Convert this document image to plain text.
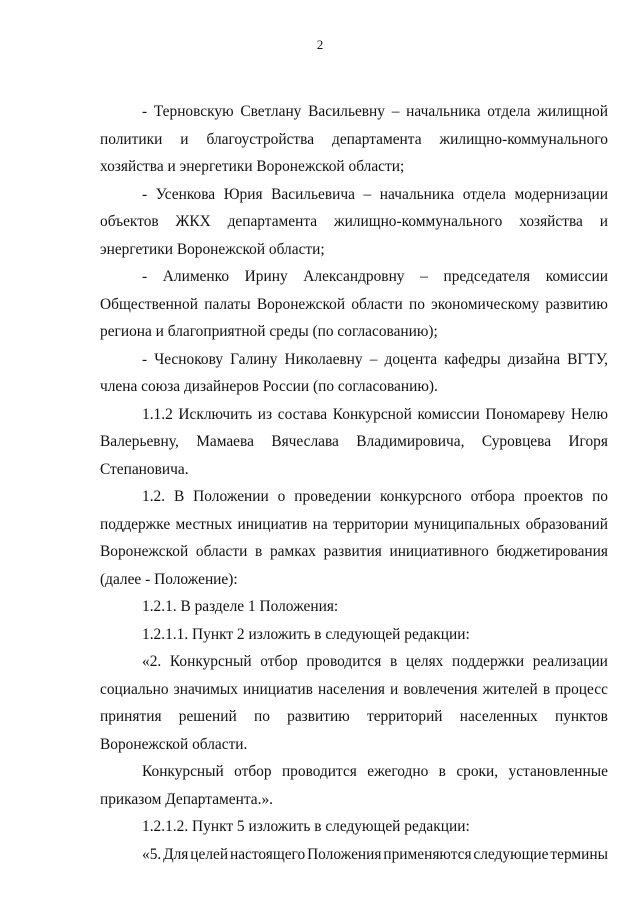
2
- Терновскую Светлану Васильевну – начальника отдела жилищной
политики и благоустройства департамента жилищно-коммунального
хозяйства и энергетики Воронежской области;
- Усенкова Юрия Васильевича – начальника отдела модернизации
объектов ЖКХ департамента жилищно-коммунального хозяйства и
энергетики Воронежской области;
- Алименко Ирину Александровну – председателя комиссии
Общественной палаты Воронежской области по экономическому развитию
региона и благоприятной среды (по согласованию);
- Чеснокову Галину Николаевну – доцента кафедры дизайна ВГТУ,
члена союза дизайнеров России (по согласованию).
1.1.2 Исключить из состава Конкурсной комиссии Пономареву Нелю
Валерьевну, Мамаева Вячеслава Владимировича, Суровцева Игоря
Степановича.
1.2. В Положении о проведении конкурсного отбора проектов по
поддержке местных инициатив на территории муниципальных образований
Воронежской области в рамках развития инициативного бюджетирования
(далее - Положение):
1.2.1. В разделе 1 Положения:
1.2.1.1. Пункт 2 изложить в следующей редакции:
«2. Конкурсный отбор проводится в целях поддержки реализации
социально значимых инициатив населения и вовлечения жителей в процесс
принятия решений по развитию территорий населенных пунктов
Воронежской области.
Конкурсный отбор проводится ежегодно в сроки, установленные
приказом Департамента.».
1.2.1.2. Пункт 5 изложить в следующей редакции:
«5. Для целей настоящего Положения применяются следующие термины
